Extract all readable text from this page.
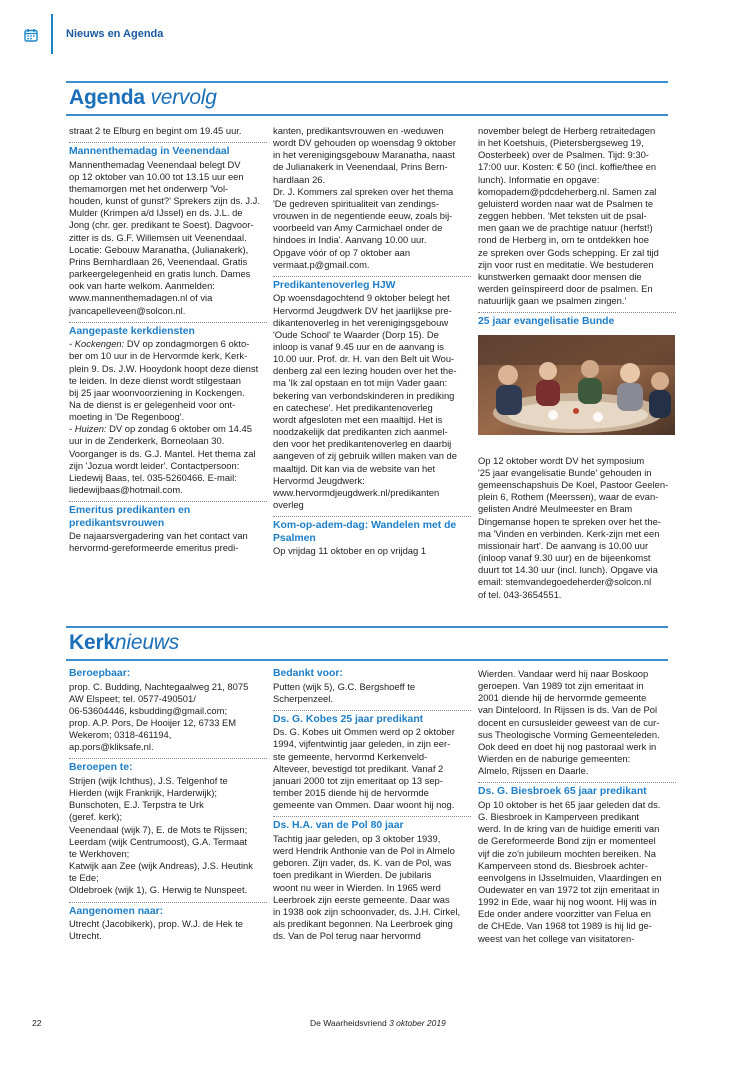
Nieuws en Agenda
Agenda vervolg
straat 2 te Elburg en begint om 19.45 uur.

Mannenthemadag in Veenendaal

Mannenthemadag Veenendaal belegt DV
op 12 oktober van 10.00 tot 13.15 uur een
themamorgen met het onderwerp 'Vol-
houden, kunst of gunst?' Sprekers zijn ds. J.J.
Mulder (Krimpen a/d IJssel) en ds. J.L. de
Jong (chr. ger. predikant te Soest). Dagvoor-
zitter is ds. G.F. Willemsen uit Veenendaal.
Locatie: Gebouw Maranatha, (Julianakerk),
Prins Bernhardlaan 26, Veenendaal. Gratis
parkeergelegenheid en gratis lunch. Dames
ook van harte welkom. Aanmelden:
www.mannenthemadagen.nl of via
jvancapelleveen@solcon.nl.

Aangepaste kerkdiensten

- Kockengen: DV op zondagmorgen 6 okto-

ber om 10 uur in de Hervormde kerk, Kerk-
plein 9. Ds. J.W. Hooydonk hoopt deze dienst
te leiden. In deze dienst wordt stilgestaan
bij 25 jaar woonvoorziening in Kockengen.
Na de dienst is er gelegenheid voor ont-
moeting in 'De Regenboog'.

- Huizen: DV op zondag 6 oktober om 14.45

uur in de Zenderkerk, Borneolaan 30.
Voorganger is ds. G.J. Mantel. Het thema zal
zijn 'Jozua wordt leider'. Contactpersoon:
Liedewij Baas, tel. 035-5260466. E-mail:
liedewijbaas@hotmail.com.

Emeritus predikanten en
predikantsvrouwen

De najaarsvergadering van het contact van
hervormd-gereformeerde emeritus predi-
kanten, predikantsvrouwen en -weduwen
wordt DV gehouden op woensdag 9 oktober
in het verenigingsgebouw Maranatha, naast
de Julianakerk in Veenendaal, Prins Bern-
hardlaan 26.
Dr. J. Kommers zal spreken over het thema
'De gedreven spiritualiteit van zendings-
vrouwen in de negentiende eeuw, zoals bij-
voorbeeld van Amy Carmichael onder de
hindoes in India'. Aanvang 10.00 uur.
Opgave vóór of op 7 oktober aan
vermaat.p@gmail.com.

Predikantenoverleg HJW

Op woensdagochtend 9 oktober belegt het
Hervormd Jeugdwerk DV het jaarlijkse pre-
dikantenoverleg in het verenigingsgebouw
'Oude School' te Waarder (Dorp 15). De
inloop is vanaf 9.45 uur en de aanvang is
10.00 uur. Prof. dr. H. van den Belt uit Wou-
denberg zal een lezing houden over het the-
ma 'Ik zal opstaan en tot mijn Vader gaan:
bekering van verbondskinderen in prediking
en catechese'. Het predikantenoverleg
wordt afgesloten met een maaltijd. Het is
noodzakelijk dat predikanten zich aanmel-
den voor het predikantenoverleg en daarbij
aangeven of zij gebruik willen maken van de
maaltijd. Dit kan via de website van het
Hervormd Jeugdwerk:
www.hervormdjeugdwerk.nl/predikanten
overleg

Kom-op-adem-dag: Wandelen met de
Psalmen

Op vrijdag 11 oktober en op vrijdag 1
november belegt de Herberg retraitedagen
in het Koetshuis, (Pietersbergseweg 19,
Oosterbeek) over de Psalmen. Tijd: 9:30-
17:00 uur. Kosten: € 50 (incl. koffie/thee en
lunch). Informatie en opgave:
komopadem@pdcdeherberg.nl. Samen zal
geluisterd worden naar wat de Psalmen te
zeggen hebben. 'Met teksten uit de psal-
men gaan we de prachtige natuur (herfst!)
rond de Herberg in, om te ontdekken hoe
ze spreken over Gods schepping. Er zal tijd
zijn voor rust en meditatie. We bestuderen
kunstwerken gemaakt door mensen die
werden geïnspireerd door de psalmen. En
natuurlijk gaan we psalmen zingen.'

25 jaar evangelisatie Bunde

Op 12 oktober wordt DV het symposium
'25 jaar evangelisatie Bunde' gehouden in
gemeenschapshuis De Koel, Pastoor Geelen-
plein 6, Rothem (Meerssen), waar de evan-
gelisten André Meulmeester en Bram
Dingemanse hopen te spreken over het the-
ma 'Vinden en verbinden. Kerk-zijn met een
missionair hart'. De aanvang is 10.00 uur
(inloop vanaf 9.30 uur) en de bijeenkomst
duurt tot 14.30 uur (incl. lunch). Opgave via
email: stemvandegoedeherder@solcon.nl
of tel. 043-3654551.
Kerknieuws

Beroepbaar:

prop. C. Budding, Nachtegaalweg 21, 8075
AW Elspeet; tel. 0577-490501/
06-53604446, ksbudding@gmail.com;
prop. A.P. Pors, De Hooijer 12, 6733 EM
Wekerom; 0318-461194,
ap.pors@kliksafe.nl.

Beroepen te:

Strijen (wijk Ichthus), J.S. Telgenhof te
Hierden (wijk Frankrijk, Harderwijk);
Bunschoten, E.J. Terpstra te Urk
(geref. kerk);
Veenendaal (wijk 7), E. de Mots te Rijssen;
Leerdam (wijk Centrumoost), G.A. Termaat
te Werkhoven;
Katwijk aan Zee (wijk Andreas), J.S. Heutink
te Ede;
Oldebroek (wijk 1), G. Herwig te Nunspeet.

Aangenomen naar:

Utrecht (Jacobikerk), prop. W.J. de Hek te
Utrecht.

Bedankt voor:

Putten (wijk 5), G.C. Bergshoeff te
Scherpenzeel.

Ds. G. Kobes 25 jaar predikant

Ds. G. Kobes uit Ommen werd op 2 oktober
1994, vijfentwintig jaar geleden, in zijn eer-
ste gemeente, hervormd Kerkenveld-
Alteveer, bevestigd tot predikant. Vanaf 2
januari 2000 tot zijn emeritaat op 13 sep-
tember 2015 diende hij de hervormde
gemeente van Ommen. Daar woont hij nog.

Ds. H.A. van de Pol 80 jaar

Tachtig jaar geleden, op 3 oktober 1939,
werd Hendrik Anthonie van de Pol in Almelo
geboren. Zijn vader, ds. K. van de Pol, was
toen predikant in Wierden. De jubilaris
woont nu weer in Wierden. In 1965 werd
Leerbroek zijn eerste gemeente. Daar was
in 1938 ook zijn schoonvader, ds. J.H. Cirkel,
als predikant begonnen. Na Leerbroek ging
ds. Van de Pol terug naar hervormd
Wierden. Vandaar werd hij naar Boskoop
geroepen. Van 1989 tot zijn emeritaat in
2001 diende hij de hervormde gemeente
van Dinteloord. In Rijssen is ds. Van de Pol
docent en cursusleider geweest van de cur-
sus Theologische Vorming Gemeenteleden.
Ook deed en doet hij nog pastoraal werk in
Wierden en de naburige gemeenten:
Almelo, Rijssen en Daarle.

Ds. G. Biesbroek 65 jaar predikant

Op 10 oktober is het 65 jaar geleden dat ds.
G. Biesbroek in Kamperveen predikant
werd. In de kring van de huidige emeriti van
de Gereformeerde Bond zijn er momenteel
vijf die zo'n jubileum mochten bereiken. Na
Kamperveen stond ds. Biesbroek achter-
eenvolgens in IJsselmuiden, Vlaardingen en
Oudewater en van 1972 tot zijn emeritaat in
1992 in Ede, waar hij nog woont. Hij was in
Ede onder andere voorzitter van Felua en
de CHEde. Van 1968 tot 1989 is hij lid ge-
weest van het college van visitatoren-
22	De Waarheidsvriend 3 oktober 2019
